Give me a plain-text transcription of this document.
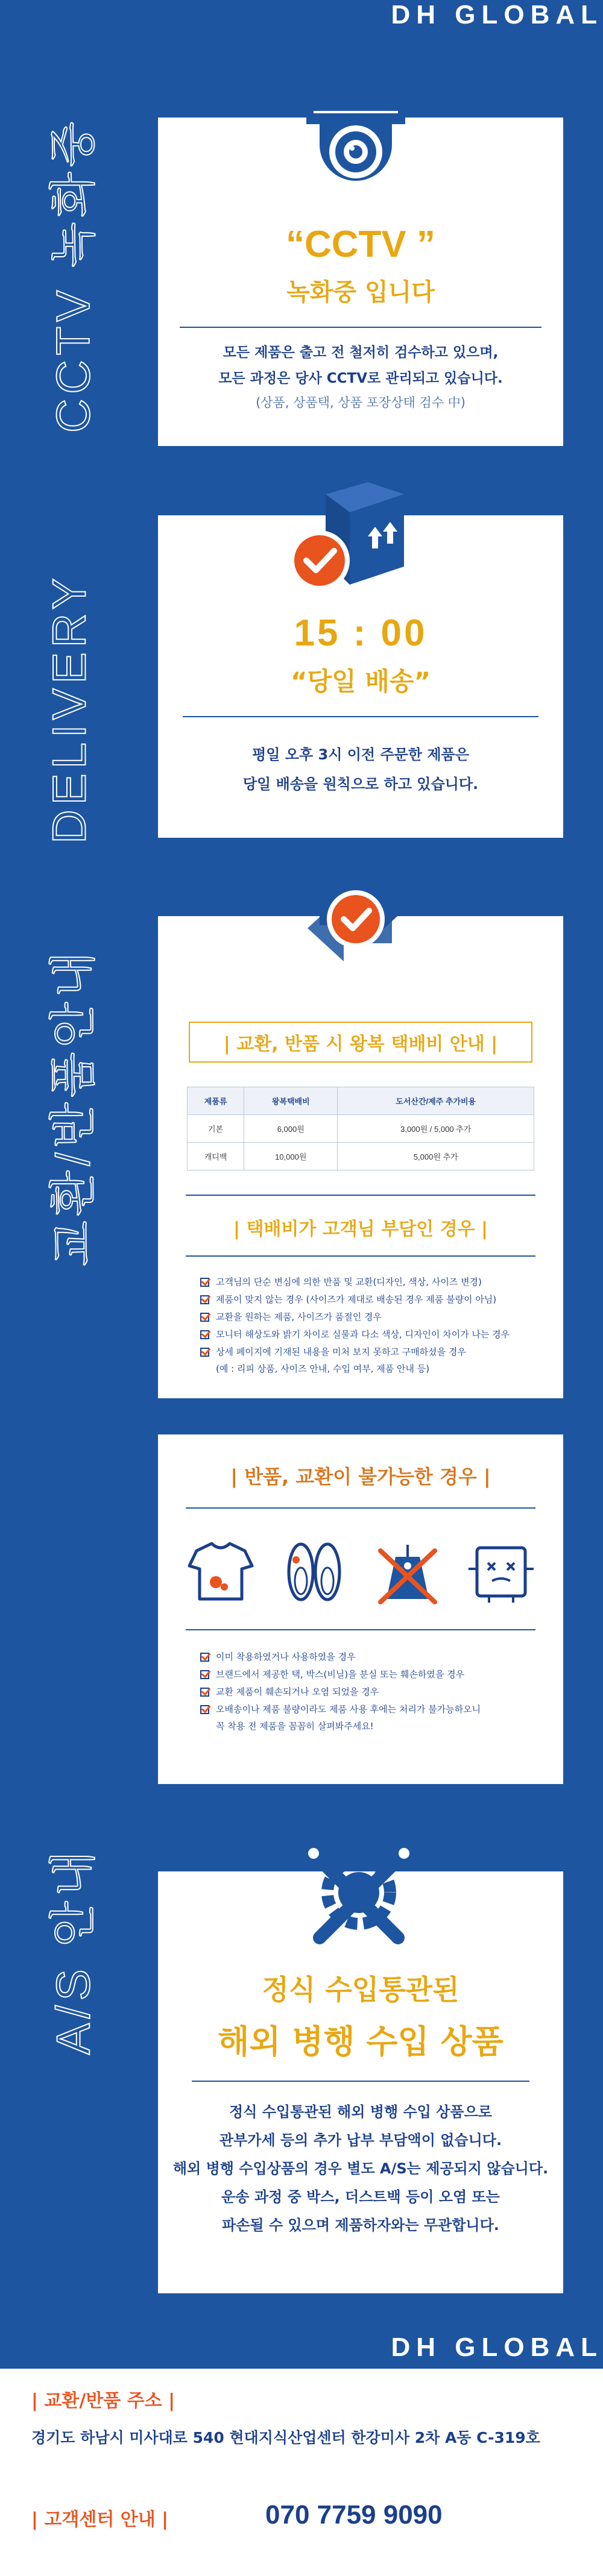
DH GLOBAL
CCTV 녹화중
DELIVERY
교환/반품안내
A/S 안내
“CCTV ”
녹화중 입니다
모든 제품은 출고 전 철저히 검수하고 있으며,
모든 과정은 당사 CCTV로 관리되고 있습니다.
(상품, 상품택, 상품 포장상태 검수 中)
15 : 00
“당일 배송”
평일 오후 3시 이전 주문한 제품은
당일 배송을 원칙으로 하고 있습니다.
| 교환, 반품 시 왕복 택배비 안내 |
제품류	왕복택배비	도서산간/제주 추가비용
기본	6,000원	3,000원 / 5,000 추가
캐디백	10,000원	5,000원 추가
| 택배비가 고객님 부담인 경우 |
고객님의 단순 변심에 의한 반품 및 교환(디자인, 색상, 사이즈 변경)
제품이 맞지 않는 경우 (사이즈가 제대로 배송된 경우 제품 불량이 아님)
교환을 원하는 제품, 사이즈가 품절인 경우
모니터 해상도와 밝기 차이로 실물과 다소 색상, 디자인이 차이가 나는 경우
상세 페이지에 기재된 내용을 미처 보지 못하고 구매하셨을 경우
(예 : 리피 상품, 사이즈 안내, 수입 여부, 제품 안내 등)
| 반품, 교환이 불가능한 경우 |
이미 착용하였거나 사용하였을 경우
브랜드에서 제공한 택, 박스(비닐)을 분실 또는 훼손하였을 경우
교환 제품이 훼손되거나 오염 되었을 경우
오배송이나 제품 불량이라도 제품 사용 후에는 처리가 불가능하오니
꼭 착용 전 제품을 꼼꼼히 살펴봐주세요!
정식 수입통관된
해외 병행 수입 상품
정식 수입통관된 해외 병행 수입 상품으로
관부가세 등의 추가 납부 부담액이 없습니다.
해외 병행 수입상품의 경우 별도 A/S는 제공되지 않습니다.
운송 과정 중 박스, 더스트백 등이 오염 또는
파손될 수 있으며 제품하자와는 무관합니다.
DH GLOBAL
| 교환/반품 주소 |
경기도 하남시 미사대로 540 현대지식산업센터 한강미사 2차 A동 C-319호
| 고객센터 안내 |	070 7759 9090
